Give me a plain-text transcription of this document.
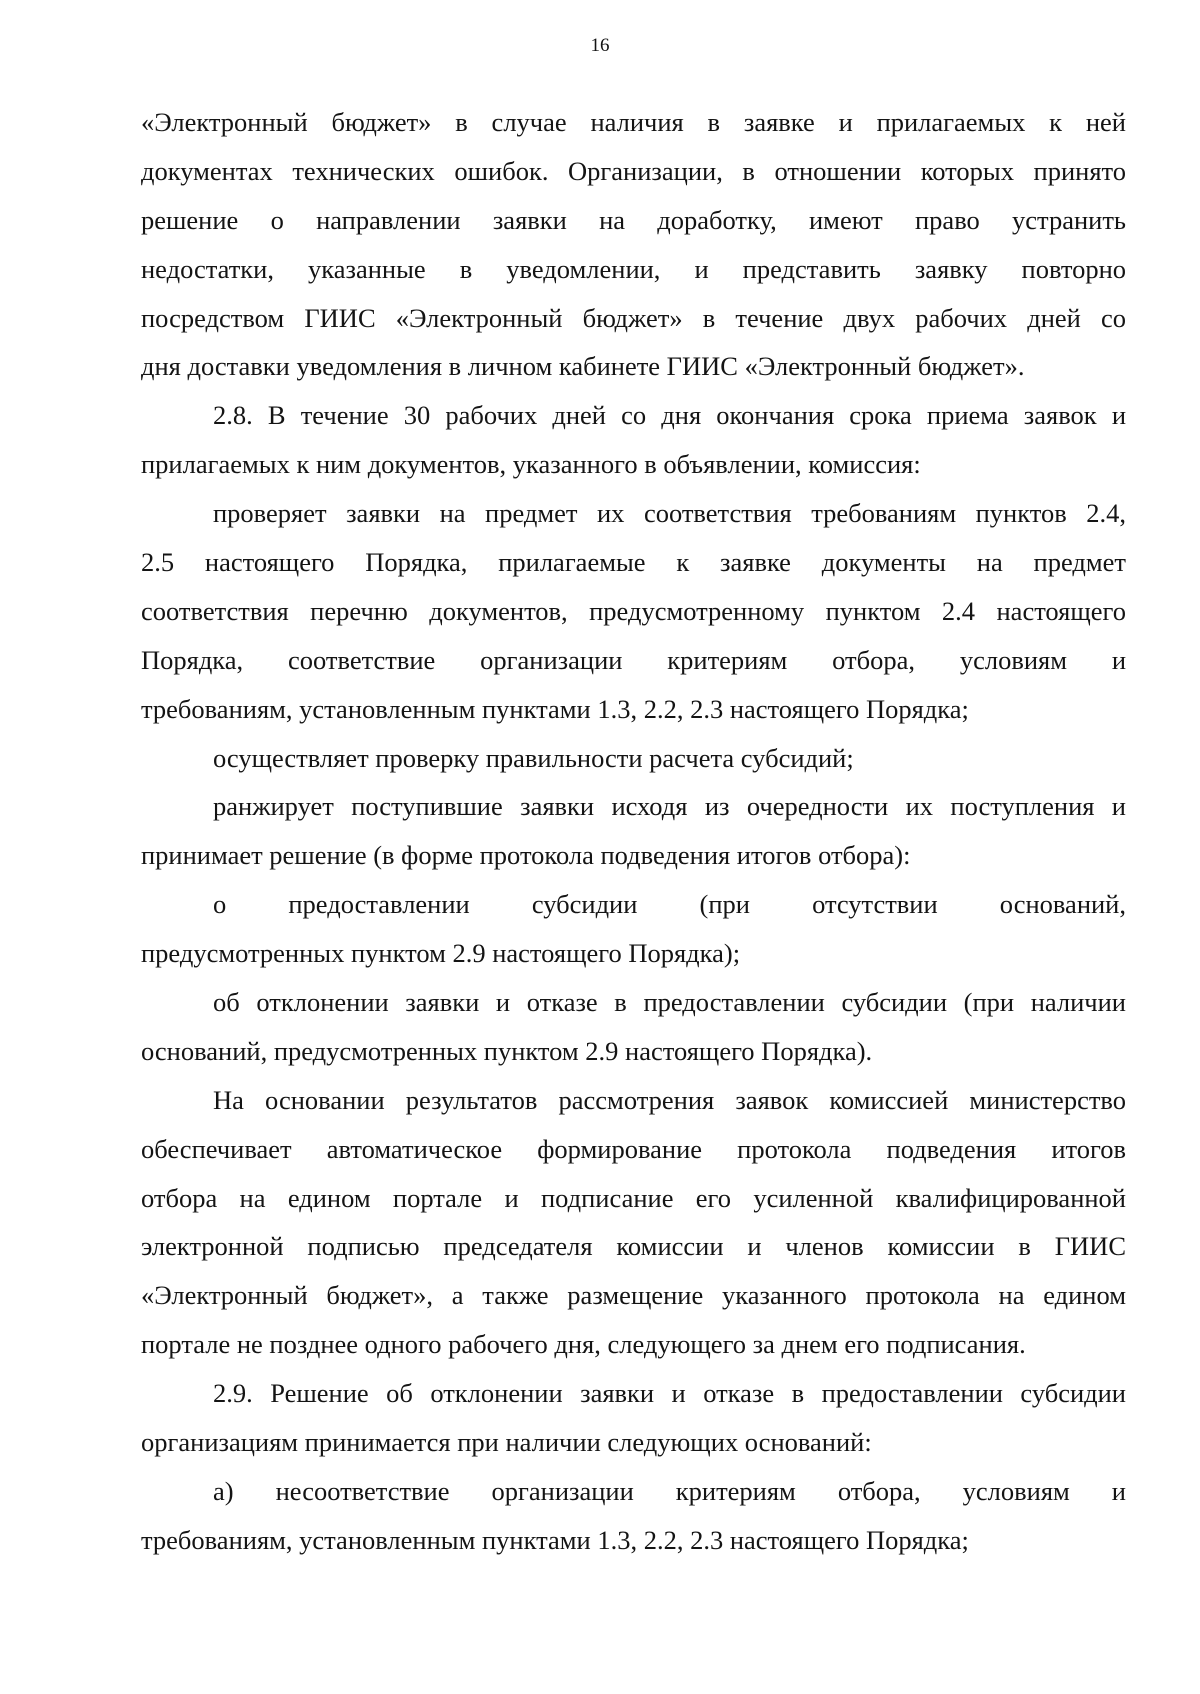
16
«Электронный бюджет» в случае наличия в заявке и прилагаемых к ней
документах технических ошибок. Организации, в отношении которых принято
решение о направлении заявки на доработку, имеют право устранить
недостатки, указанные в уведомлении, и представить заявку повторно
посредством ГИИС «Электронный бюджет» в течение двух рабочих дней со
дня доставки уведомления в личном кабинете ГИИС «Электронный бюджет».
2.8. В течение 30 рабочих дней со дня окончания срока приема заявок и
прилагаемых к ним документов, указанного в объявлении, комиссия:
проверяет заявки на предмет их соответствия требованиям пунктов 2.4,
2.5 настоящего Порядка, прилагаемые к заявке документы на предмет
соответствия перечню документов, предусмотренному пунктом 2.4 настоящего
Порядка, соответствие организации критериям отбора, условиям и
требованиям, установленным пунктами 1.3, 2.2, 2.3 настоящего Порядка;
осуществляет проверку правильности расчета субсидий;
ранжирует поступившие заявки исходя из очередности их поступления и
принимает решение (в форме протокола подведения итогов отбора):
о предоставлении субсидии (при отсутствии оснований,
предусмотренных пунктом 2.9 настоящего Порядка);
об отклонении заявки и отказе в предоставлении субсидии (при наличии
оснований, предусмотренных пунктом 2.9 настоящего Порядка).
На основании результатов рассмотрения заявок комиссией министерство
обеспечивает автоматическое формирование протокола подведения итогов
отбора на едином портале и подписание его усиленной квалифицированной
электронной подписью председателя комиссии и членов комиссии в ГИИС
«Электронный бюджет», а также размещение указанного протокола на едином
портале не позднее одного рабочего дня, следующего за днем его подписания.
2.9. Решение об отклонении заявки и отказе в предоставлении субсидии
организациям принимается при наличии следующих оснований:
а) несоответствие организации критериям отбора, условиям и
требованиям, установленным пунктами 1.3, 2.2, 2.3 настоящего Порядка;
